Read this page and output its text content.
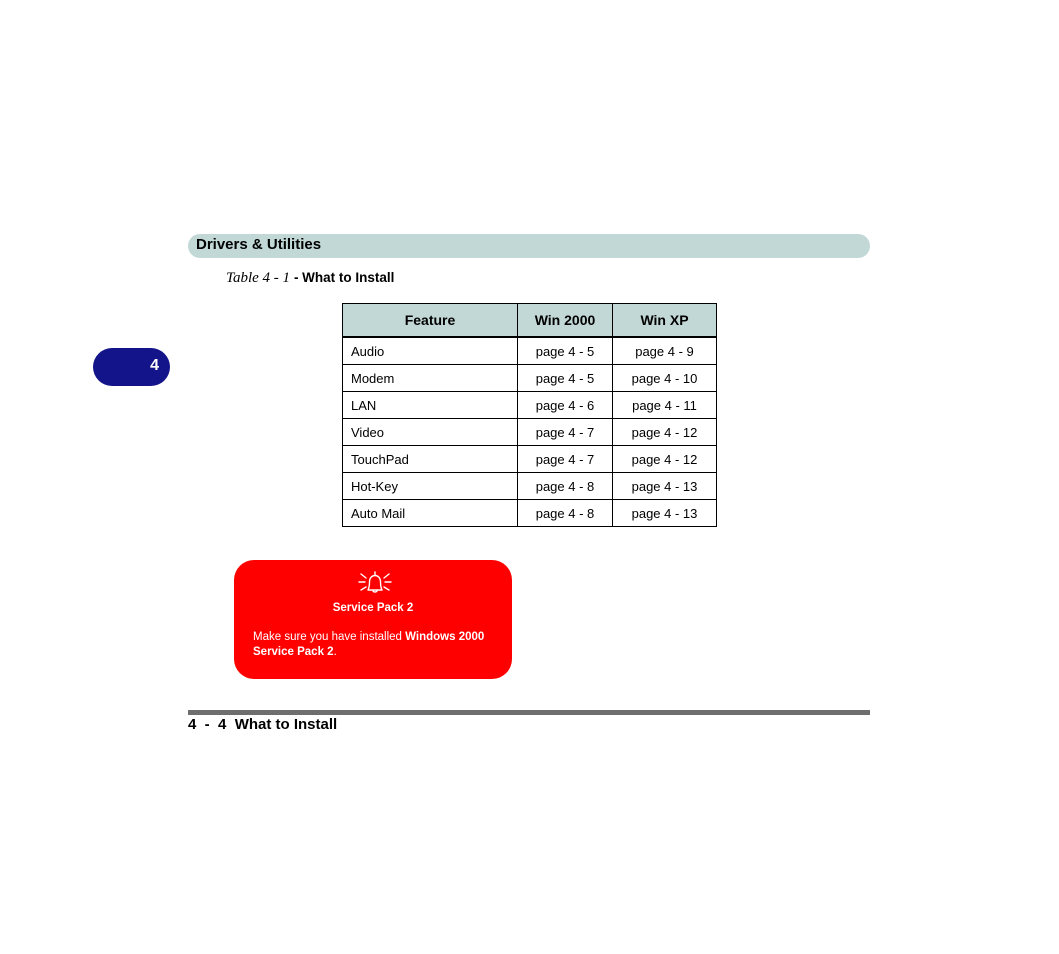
Drivers & Utilities
4
Table 4 - 1 - What to Install
Feature	Win 2000	Win XP
Audio	page 4 - 5	page 4 - 9
Modem	page 4 - 5	page 4 - 10
LAN	page 4 - 6	page 4 - 11
Video	page 4 - 7	page 4 - 12
TouchPad	page 4 - 7	page 4 - 12
Hot-Key	page 4 - 8	page 4 - 13
Auto Mail	page 4 - 8	page 4 - 13
Service Pack 2
Make sure you have installed Windows 2000 Service Pack 2.
4  -  4 What to Install
